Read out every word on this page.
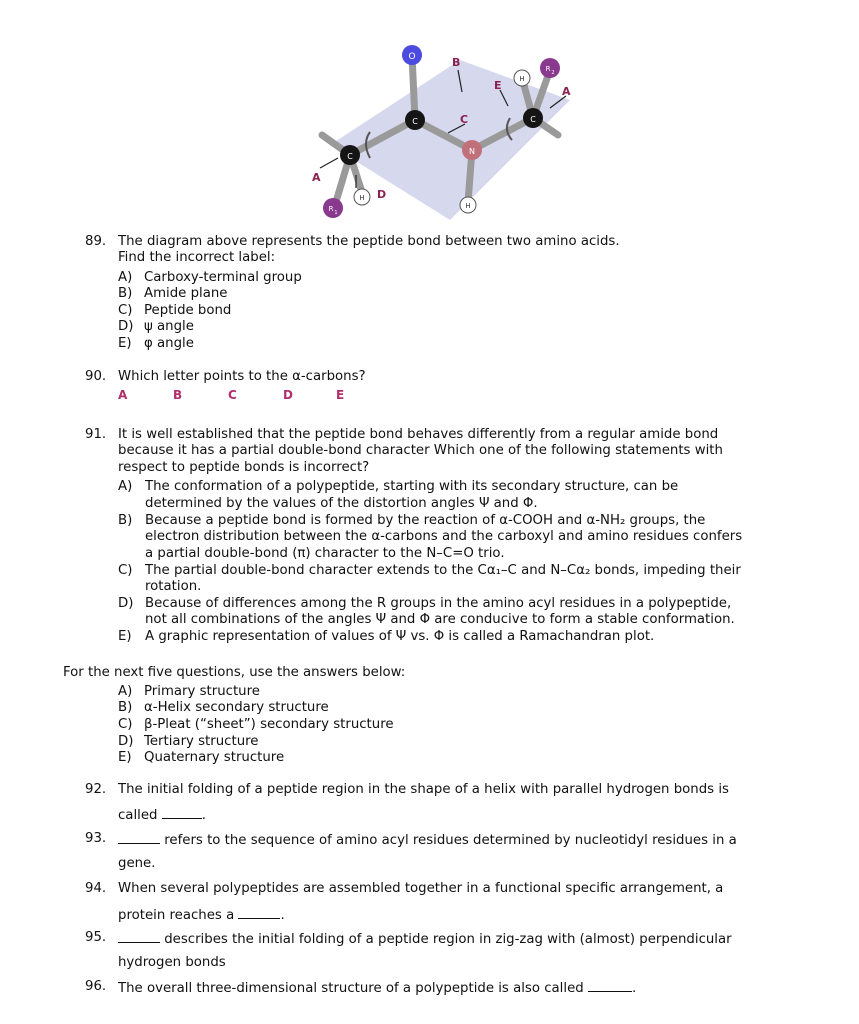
O
C
C
C
N
H
H
H
R 1
R 2
B
C
D
A
E	A
89. The diagram above represents the peptide bond between two amino acids.
Find the incorrect label:
A) Carboxy-terminal group
B) Amide plane
C) Peptide bond
D) ψ angle
E) φ angle
90. Which letter points to the α-carbons?
A	B	C	D	E
91. It is well established that the peptide bond behaves differently from a regular amide bond
because it has a partial double-bond character Which one of the following statements with
respect to peptide bonds is incorrect?
A) The conformation of a polypeptide, starting with its secondary structure, can be
determined by the values of the distortion angles Ψ and Φ.
B) Because a peptide bond is formed by the reaction of α-COOH and α-NH₂ groups, the
electron distribution between the α-carbons and the carboxyl and amino residues confers
a partial double-bond (π) character to the N–C=O trio.
C) The partial double-bond character extends to the Cα₁–C and N–Cα₂ bonds, impeding their
rotation.
D) Because of differences among the R groups in the amino acyl residues in a polypeptide,
not all combinations of the angles Ψ and Φ are conducive to form a stable conformation.
E) A graphic representation of values of Ψ vs. Φ is called a Ramachandran plot.
For the next five questions, use the answers below:
A) Primary structure
B) α-Helix secondary structure
C) β-Pleat (“sheet”) secondary structure
D) Tertiary structure
E) Quaternary structure
92. The initial folding of a peptide region in the shape of a helix with parallel hydrogen bonds is
called	.
93.	refers to the sequence of amino acyl residues determined by nucleotidyl residues in a
gene.
94. When several polypeptides are assembled together in a functional specific arrangement, a
protein reaches a	.
95.	describes the initial folding of a peptide region in zig-zag with (almost) perpendicular
hydrogen bonds
96. The overall three-dimensional structure of a polypeptide is also called	.
